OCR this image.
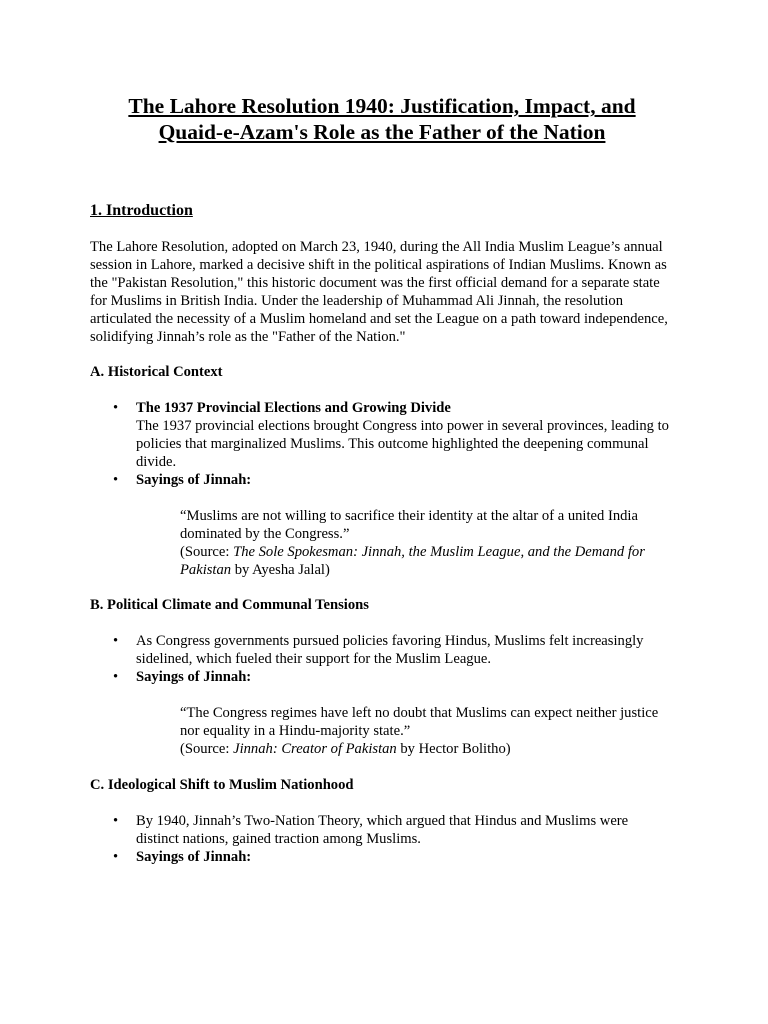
The Lahore Resolution 1940: Justification, Impact, and
Quaid-e-Azam's Role as the Father of the Nation
1. Introduction

The Lahore Resolution, adopted on March 23, 1940, during the All India Muslim League’s annual session in Lahore, marked a decisive shift in the political aspirations of Indian Muslims. Known as the "Pakistan Resolution," this historic document was the first official demand for a separate state for Muslims in British India. Under the leadership of Muhammad Ali Jinnah, the resolution articulated the necessity of a Muslim homeland and set the League on a path toward independence, solidifying Jinnah’s role as the "Father of the Nation."

A. Historical Context
• The 1937 Provincial Elections and Growing Divide
The 1937 provincial elections brought Congress into power in several provinces, leading to policies that marginalized Muslims. This outcome highlighted the deepening communal divide.
• Sayings of Jinnah:
“Muslims are not willing to sacrifice their identity at the altar of a united India dominated by the Congress.”
(Source: The Sole Spokesman: Jinnah, the Muslim League, and the Demand for Pakistan by Ayesha Jalal)
B. Political Climate and Communal Tensions
• As Congress governments pursued policies favoring Hindus, Muslims felt increasingly sidelined, which fueled their support for the Muslim League.
• Sayings of Jinnah:
“The Congress regimes have left no doubt that Muslims can expect neither justice nor equality in a Hindu-majority state.”
(Source: Jinnah: Creator of Pakistan by Hector Bolitho)
C. Ideological Shift to Muslim Nationhood
• By 1940, Jinnah’s Two-Nation Theory, which argued that Hindus and Muslims were distinct nations, gained traction among Muslims.
• Sayings of Jinnah:
